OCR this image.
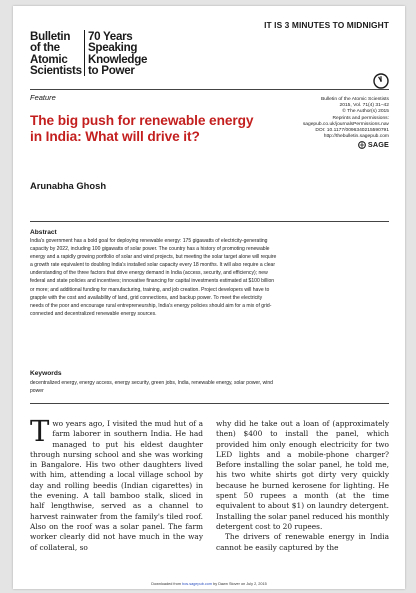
Bulletin
of the
Atomic
Scientists
70 Years
Speaking
Knowledge
to Power
IT IS 3 MINUTES TO MIDNIGHT
Feature	Bulletin of the Atomic Scientists
2015, Vol. 71(4) 31–42
© The Author(s) 2015
Reprints and permissions:
sagepub.co.uk/journalsPermissions.nav
DOI: 10.1177/0096340215590791
http://thebulletin.sagepub.com
SAGE
The big push for renewable energy in India: What will drive it?
Arunabha Ghosh
Abstract
India's government has a bold goal for deploying renewable energy: 175 gigawatts of electricity-generating
capacity by 2022, including 100 gigawatts of solar power. The country has a history of promoting renewable
energy and a rapidly growing portfolio of solar and wind projects, but meeting the solar target alone will require
a growth rate equivalent to doubling India's installed solar capacity every 18 months. It will also require a clear
understanding of the three factors that drive energy demand in India (access, security, and efficiency); new
federal and state policies and incentives; innovative financing for capital investments estimated at $100 billion
or more; and additional funding for manufacturing, training, and job creation. Project developers will have to
grapple with the cost and availability of land, grid connections, and backup power. To meet the electricity
needs of the poor and encourage rural entrepreneurship, India's energy policies should aim for a mix of grid-
connected and decentralized renewable energy sources.
Keywords
decentralized energy, energy access, energy security, green jobs, India, renewable energy, solar power, wind
power

Two years ago, I visited the mud hut of a farm laborer in southern India. He had managed to put his eldest daughter through nursing school and she was working in Bangalore. His two other daughters lived with him, attending a local village school by day and rolling beedis (Indian cigarettes) in the evening. A tall bamboo stalk, sliced in half lengthwise, served as a channel to harvest rainwater from the family's tiled roof. Also on the roof was a solar panel. The farm worker clearly did not have much in the way of collateral, so

why did he take out a loan of (approximately then) $400 to install the panel, which provided him only enough electricity for two LED lights and a mobile-phone charger? Before installing the solar panel, he told me, his two white shirts got dirty very quickly because he burned kerosene for lighting. He spent 50 rupees a month (at the time equivalent to about $1) on laundry detergent. Installing the solar panel reduced his monthly detergent cost to 20 rupees.

The drivers of renewable energy in India cannot be easily captured by the

Downloaded from bos.sagepub.com by Dawn Stover on July 2, 2015
